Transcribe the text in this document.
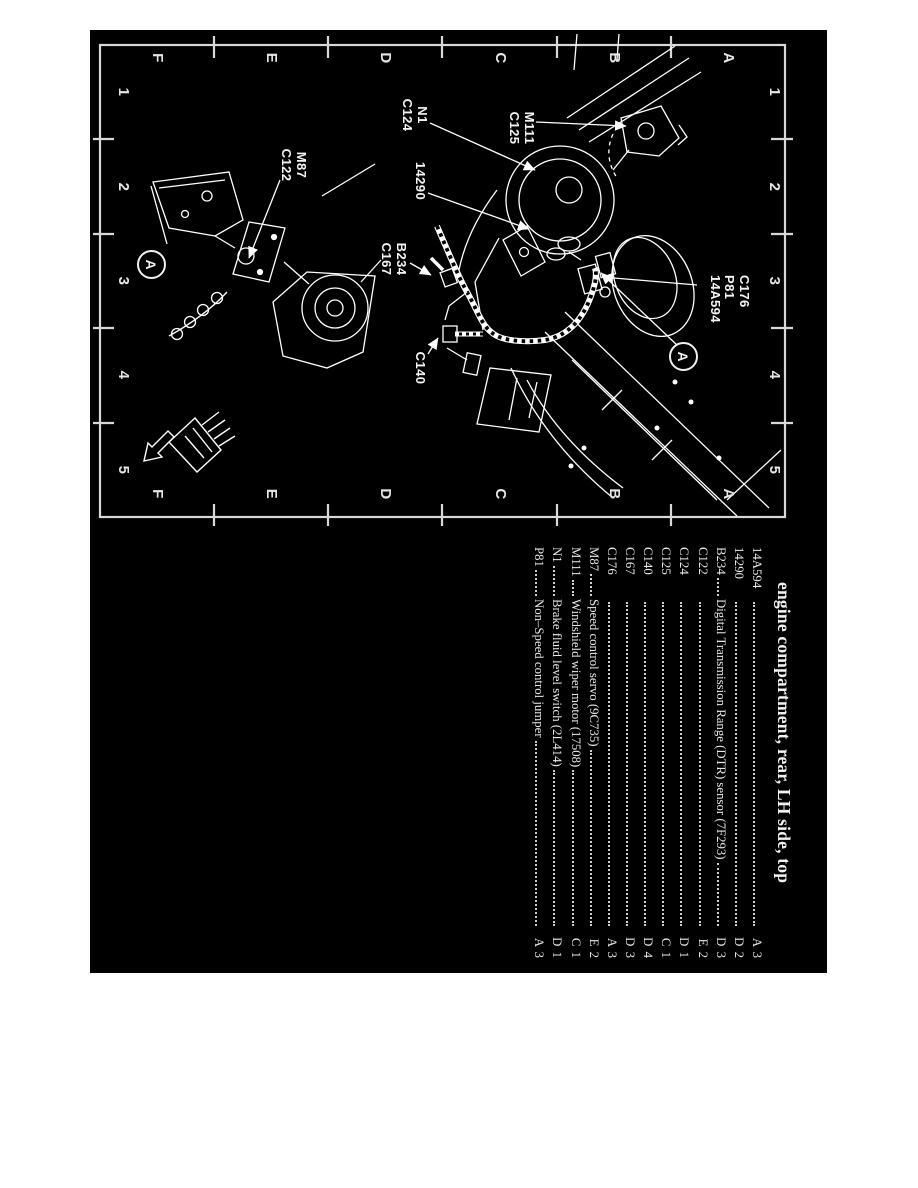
1
1
2
2
3
3
4
4
5
5
A
A
B
B
C
C
D
D
E
E
F
F
C176
P81
14A594
M111
C125
N1
C124
14290
B234
C167
C140
M87
C122
A
A
engine compartment, rear, LH side, top
14A594
A 3
14290
D 2
B234
Digital Transmission Range (DTR) sensor (7F293)
D 3
C122
E 2
C124
D 1
C125
C 1
C140
D 4
C167
D 3
C176
A 3
M87
Speed control servo (9C735)
E 2
M111
Windshield wiper motor (17508)
C 1
N1
Brake fluid level switch (2L414)
D 1
P81
Non–Speed control jumper
A 3
